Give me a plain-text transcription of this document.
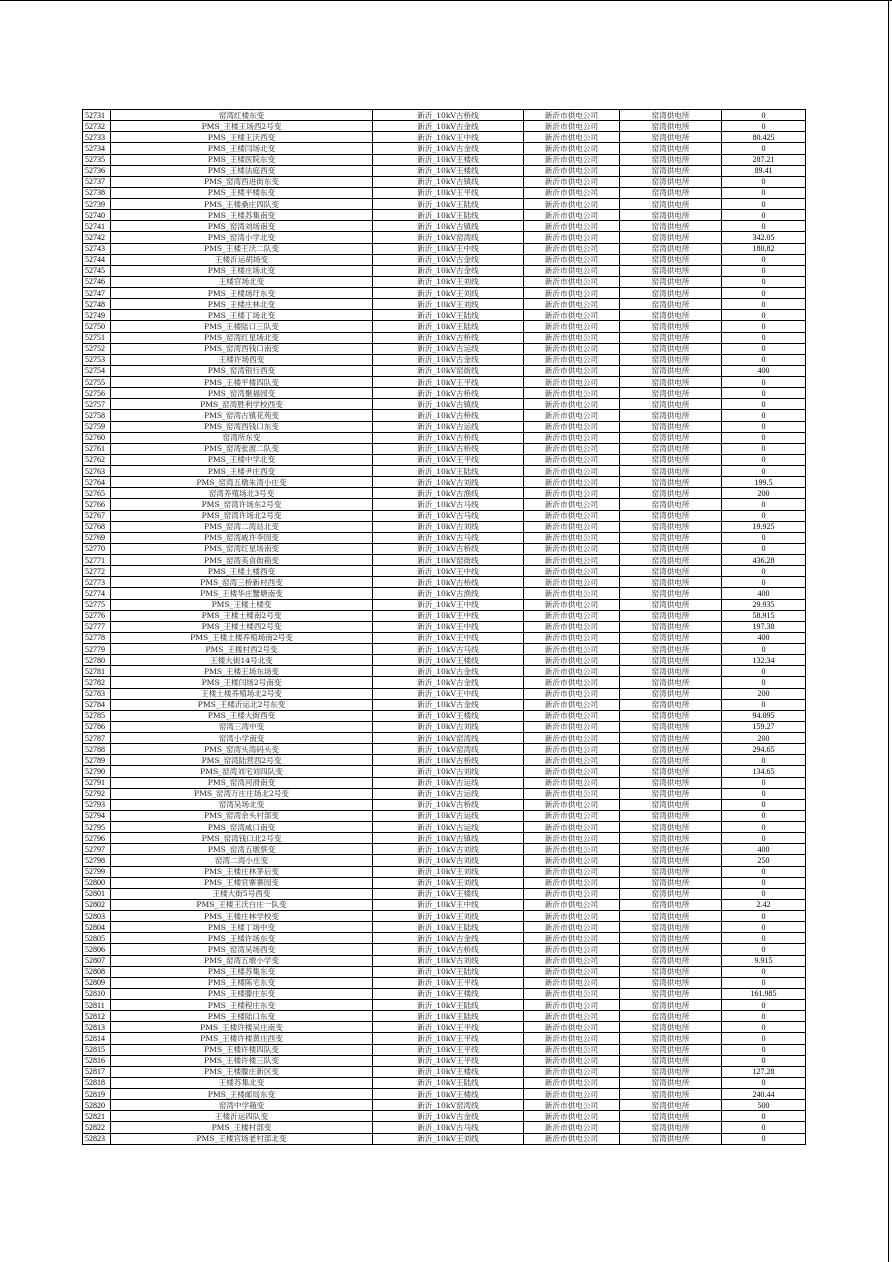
52731	窑湾红楼东变	新沂_10kV古桥线	新沂市供电公司	窑湾供电所	0
52732	PMS_王楼王场西2号变	新沂_10kV古金线	新沂市供电公司	窑湾供电所	0
52733	PMS_王楼王沃西变	新沂_10kV王中线	新沂市供电公司	窑湾供电所	80.425
52734	PMS_王楼闫场北变	新沂_10kV古金线	新沂市供电公司	窑湾供电所	0
52735	PMS_王楼医院东变	新沂_10kV王楼线	新沂市供电公司	窑湾供电所	287.21
52736	PMS_王楼法庭西变	新沂_10kV王楼线	新沂市供电公司	窑湾供电所	89.41
52737	PMS_窑湾西进街东变	新沂_10kV古镇线	新沂市供电公司	窑湾供电所	0
52738	PMS_王楼平楼东变	新沂_10kV王平线	新沂市供电公司	窑湾供电所	0
52739	PMS_王楼桑庄四队变	新沂_10kV王陆线	新沂市供电公司	窑湾供电所	0
52740	PMS_王楼苏集南变	新沂_10kV王陆线	新沂市供电公司	窑湾供电所	0
52741	PMS_窑湾刘场南变	新沂_10kV古镇线	新沂市供电公司	窑湾供电所	0
52742	PMS_窑湾小学北变	新沂_10kV窑湾线	新沂市供电公司	窑湾供电所	342.05
52743	PMS_王楼王沃二队变	新沂_10kV王中线	新沂市供电公司	窑湾供电所	180.82
52744	王楼沂运胡场变	新沂_10kV古金线	新沂市供电公司	窑湾供电所	0
52745	PMS_王楼庄场北变	新沂_10kV古金线	新沂市供电公司	窑湾供电所	0
52746	王楼官场北变	新沂_10kV王刘线	新沂市供电公司	窑湾供电所	0
52747	PMS_王楼场圩东变	新沂_10kV王刘线	新沂市供电公司	窑湾供电所	0
52748	PMS_王楼庄林北变	新沂_10kV王刘线	新沂市供电公司	窑湾供电所	0
52749	PMS_王楼丁场北变	新沂_10kV王陆线	新沂市供电公司	窑湾供电所	0
52750	PMS_王楼陆口三队变	新沂_10kV王陆线	新沂市供电公司	窑湾供电所	0
52751	PMS_窑湾红星场北变	新沂_10kV古桥线	新沂市供电公司	窑湾供电所	0
52752	PMS_窑湾西钱口南变	新沂_10kV古运线	新沂市供电公司	窑湾供电所	0
52753	王楼许场西变	新沂_10kV古金线	新沂市供电公司	窑湾供电所	0
52754	PMS_窑湾银行西变	新沂_10kV窑街线	新沂市供电公司	窑湾供电所	400
52755	PMS_王楼平楼四队变	新沂_10kV王平线	新沂市供电公司	窑湾供电所	0
52756	PMS_窑湾聚福园变	新沂_10kV古桥线	新沂市供电公司	窑湾供电所	0
52757	PMS_窑湾胜利学校西变	新沂_10kV古镇线	新沂市供电公司	窑湾供电所	0
52758	PMS_窑湾古镇花苑变	新沂_10kV古桥线	新沂市供电公司	窑湾供电所	0
52759	PMS_窑湾西钱口东变	新沂_10kV古运线	新沂市供电公司	窑湾供电所	0
52760	窑湾所东变	新沂_10kV古桥线	新沂市供电公司	窑湾供电所	0
52761	PMS_窑湾张渡二队变	新沂_10kV古桥线	新沂市供电公司	窑湾供电所	0
52762	PMS_王楼中学北变	新沂_10kV王平线	新沂市供电公司	窑湾供电所	0
52763	PMS_王楼尹庄西变	新沂_10kV王陆线	新沂市供电公司	窑湾供电所	0
52764	PMS_窑湾五墩朱湾小庄变	新沂_10kV古刘线	新沂市供电公司	窑湾供电所	199.5
52765	窑湾养殖场北3号变	新沂_10kV古渔线	新沂市供电公司	窑湾供电所	200
52766	PMS_窑湾许场东2号变	新沂_10kV古马线	新沂市供电公司	窑湾供电所	0
52767	PMS_窑湾许场北2号变	新沂_10kV古马线	新沂市供电公司	窑湾供电所	0
52768	PMS_窑湾二湾站北变	新沂_10kV古刘线	新沂市供电公司	窑湾供电所	19.925
52769	PMS_窑湾戚许李园变	新沂_10kV古马线	新沂市供电公司	窑湾供电所	0
52770	PMS_窑湾红星场南变	新沂_10kV古桥线	新沂市供电公司	窑湾供电所	0
52771	PMS_窑湾美食街箱变	新沂_10kV窑街线	新沂市供电公司	窑湾供电所	436.28
52772	PMS_王楼土楼西变	新沂_10kV王中线	新沂市供电公司	窑湾供电所	0
52773	PMS_窑湾三桥新村西变	新沂_10kV古桥线	新沂市供电公司	窑湾供电所	0
52774	PMS_王楼华庄蟹塘南变	新沂_10kV古渔线	新沂市供电公司	窑湾供电所	400
52775	PMS_王楼土楼变	新沂_10kV王中线	新沂市供电公司	窑湾供电所	29.935
52776	PMS_王楼土楼南2号变	新沂_10kV王中线	新沂市供电公司	窑湾供电所	58.915
52777	PMS_王楼土楼西2号变	新沂_10kV王中线	新沂市供电公司	窑湾供电所	197.38
52778	PMS_王楼土楼养殖场南2号变	新沂_10kV王中线	新沂市供电公司	窑湾供电所	400
52779	PMS_王楼村西2号变	新沂_10kV古马线	新沂市供电公司	窑湾供电所	0
52780	王楼大街14号北变	新沂_10kV王楼线	新沂市供电公司	窑湾供电所	132.34
52781	PMS_王楼王场东场变	新沂_10kV古金线	新沂市供电公司	窑湾供电所	0
52782	PMS_王楼闫场2号南变	新沂_10kV古金线	新沂市供电公司	窑湾供电所	0
52783	王楼土楼养殖场北2号变	新沂_10kV王中线	新沂市供电公司	窑湾供电所	200
52784	PMS_王楼沂运北2号东变	新沂_10kV古金线	新沂市供电公司	窑湾供电所	0
52785	PMS_王楼大街西变	新沂_10kV王楼线	新沂市供电公司	窑湾供电所	94.095
52786	窑湾三湾中变	新沂_10kV古刘线	新沂市供电公司	窑湾供电所	159.27
52787	窑湾小学南变	新沂_10kV窑湾线	新沂市供电公司	窑湾供电所	200
52788	PMS_窑湾头湾码头变	新沂_10kV窑湾线	新沂市供电公司	窑湾供电所	294.65
52789	PMS_窑湾陆营西2号变	新沂_10kV古桥线	新沂市供电公司	窑湾供电所	0
52790	PMS_窑湾刘宅刘四队变	新沂_10kV古刘线	新沂市供电公司	窑湾供电所	134.65
52791	PMS_窑湾河滑南变	新沂_10kV古运线	新沂市供电公司	窑湾供电所	0
52792	PMS_窑湾万庄庄场北2号变	新沂_10kV古运线	新沂市供电公司	窑湾供电所	0
52793	窑湾吴场北变	新沂_10kV古桥线	新沂市供电公司	窑湾供电所	0
52794	PMS_窑湾余头村部变	新沂_10kV古运线	新沂市供电公司	窑湾供电所	0
52795	PMS_窑湾咸口南变	新沂_10kV古运线	新沂市供电公司	窑湾供电所	0
52796	PMS_窑湾钱口北2号变	新沂_10kV古镇线	新沂市供电公司	窑湾供电所	0
52797	PMS_窑湾五墩蔡变	新沂_10kV古刘线	新沂市供电公司	窑湾供电所	400
52798	窑湾二湾小庄变	新沂_10kV古刘线	新沂市供电公司	窑湾供电所	250
52799	PMS_王楼庄林茅后变	新沂_10kV王刘线	新沂市供电公司	窑湾供电所	0
52800	PMS_王楼官寨寨园变	新沂_10kV王刘线	新沂市供电公司	窑湾供电所	0
52801	王楼大街5号西变	新沂_10kV王楼线	新沂市供电公司	窑湾供电所	0
52802	PMS_王楼王沃白庄一队变	新沂_10kV王中线	新沂市供电公司	窑湾供电所	2.42
52803	PMS_王楼庄林学校变	新沂_10kV王刘线	新沂市供电公司	窑湾供电所	0
52804	PMS_王楼丁场中变	新沂_10kV王陆线	新沂市供电公司	窑湾供电所	0
52805	PMS_王楼许场东变	新沂_10kV古金线	新沂市供电公司	窑湾供电所	0
52806	PMS_窑湾吴场西变	新沂_10kV古桥线	新沂市供电公司	窑湾供电所	0
52807	PMS_窑湾五墩小学变	新沂_10kV古刘线	新沂市供电公司	窑湾供电所	9.915
52808	PMS_王楼苏集东变	新沂_10kV王陆线	新沂市供电公司	窑湾供电所	0
52809	PMS_王楼陈宅东变	新沂_10kV王平线	新沂市供电公司	窑湾供电所	0
52810	PMS_王楼滕庄东变	新沂_10kV王楼线	新沂市供电公司	窑湾供电所	161.985
52811	PMS_王楼程庄东变	新沂_10kV王陆线	新沂市供电公司	窑湾供电所	0
52812	PMS_王楼陆口东变	新沂_10kV王陆线	新沂市供电公司	窑湾供电所	0
52813	PMS_王楼许楼吴庄南变	新沂_10kV王平线	新沂市供电公司	窑湾供电所	0
52814	PMS_王楼许楼黄庄西变	新沂_10kV王平线	新沂市供电公司	窑湾供电所	0
52815	PMS_王楼许楼四队变	新沂_10kV王平线	新沂市供电公司	窑湾供电所	0
52816	PMS_王楼许楼三队变	新沂_10kV王平线	新沂市供电公司	窑湾供电所	0
52817	PMS_王楼滕庄新区变	新沂_10kV王楼线	新沂市供电公司	窑湾供电所	127.28
52818	王楼苏集北变	新沂_10kV王陆线	新沂市供电公司	窑湾供电所	0
52819	PMS_王楼邮局东变	新沂_10kV王楼线	新沂市供电公司	窑湾供电所	240.44
52820	窑湾中学箱变	新沂_10kV窑湾线	新沂市供电公司	窑湾供电所	500
52821	王楼沂运四队变	新沂_10kV古金线	新沂市供电公司	窑湾供电所	0
52822	PMS_王楼村部变	新沂_10kV古马线	新沂市供电公司	窑湾供电所	0
52823	PMS_王楼官场老村部北变	新沂_10kV王刘线	新沂市供电公司	窑湾供电所	0
